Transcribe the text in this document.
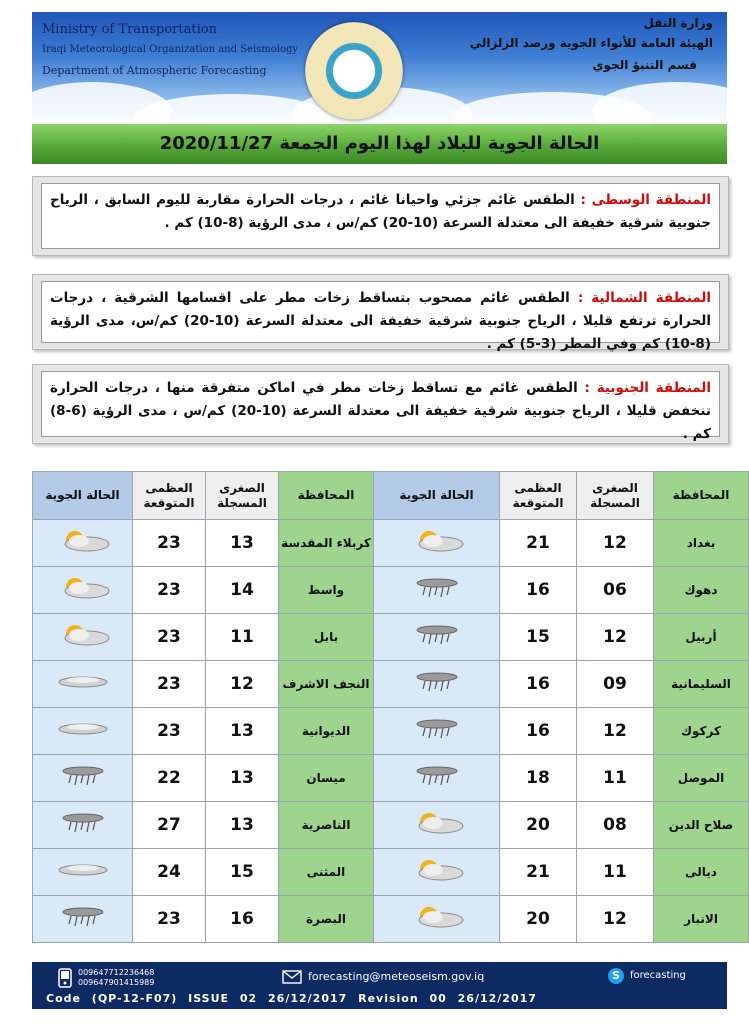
Ministry of Transportation
Iraqi Meteorological Organization and Seismology
Department of Atmospheric Forecasting
وزارة النقل
الهيئة العامة للأنواء الجوية ورصد الزلزالي
قسم التنبؤ الجوي
الحالة الجوية للبلاد لهذا اليوم الجمعة 2020/11/27
المنطقة الوسطى : الطقس غائم جزئي واحيانا غائم ، درجات الحرارة مقاربة لليوم السابق ، الرياح جنوبية شرقية خفيفة الى معتدلة السرعة (10-20) كم/س ، مدى الرؤية (8-10) كم .
المنطقة الشمالية : الطقس غائم مصحوب بتساقط زخات مطر على اقسامها الشرقية ، درجات الحرارة ترتفع قليلا ، الرياح جنوبية شرقية خفيفة الى معتدلة السرعة (10-20) كم/س، مدى الرؤية (8-10) كم وفي المطر (3-5) كم .
المنطقة الجنوبية : الطقس غائم مع تساقط زخات مطر في اماكن متفرقة منها ، درجات الحرارة تنخفض قليلا ، الرياح جنوبية شرقية خفيفة الى معتدلة السرعة (10-20) كم/س ، مدى الرؤية (6-8) كم .
الحالة الجوية	العظمى المتوقعة	الصغرى المسجلة	المحافظة	الحالة الجوية	العظمى المتوقعة	الصغرى المسجلة	المحافظة

	23	13	كربلاء المقدسة		21	12	بغداد

	23	14	واسط		16	06	دهوك

	23	11	بابل		15	12	أربيل

	23	12	النجف الاشرف		16	09	السليمانية

	23	13	الديوانية		16	12	كركوك

	22	13	ميسان		18	11	الموصل

	27	13	الناصرية		20	08	صلاح الدين

	24	15	المثنى		21	11	ديالى

	23	16	البصرة		20	12	الانبار
009647712236468
009647901415989	forecasting@meteoseism.gov.iq	S	forecasting
Code (QP-12-F07) ISSUE 02 26/12/2017 Revision 00 26/12/2017
